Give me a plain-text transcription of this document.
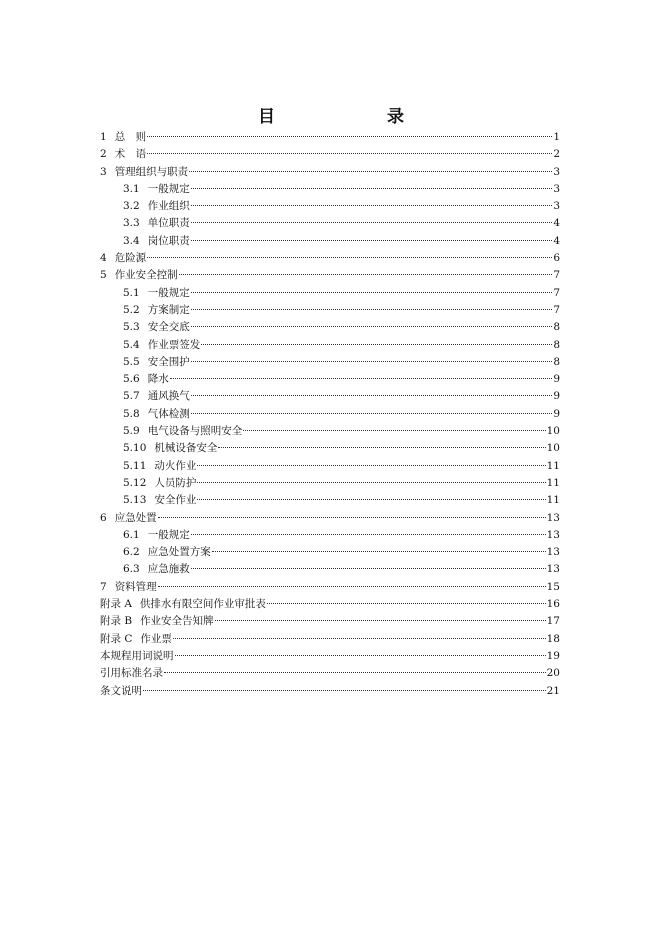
目　　录
1 总　则	1
2 术　语	2
3 管理组织与职责	3
3.1 一般规定	3
3.2 作业组织	3
3.3 单位职责	4
3.4 岗位职责	4
4 危险源	6
5 作业安全控制	7
5.1 一般规定	7
5.2 方案制定	7
5.3 安全交底	8
5.4 作业票签发	8
5.5 安全围护	8
5.6 降水	9
5.7 通风换气	9
5.8 气体检测	9
5.9 电气设备与照明安全	10
5.10 机械设备安全	10
5.11 动火作业	11
5.12 人员防护	11
5.13 安全作业	11
6 应急处置	13
6.1 一般规定	13
6.2 应急处置方案	13
6.3 应急施救	13
7 资料管理	15
附录 A 供排水有限空间作业审批表	16
附录 B 作业安全告知牌	17
附录 C 作业票	18
本规程用词说明	19
引用标准名录	20
条文说明	21
